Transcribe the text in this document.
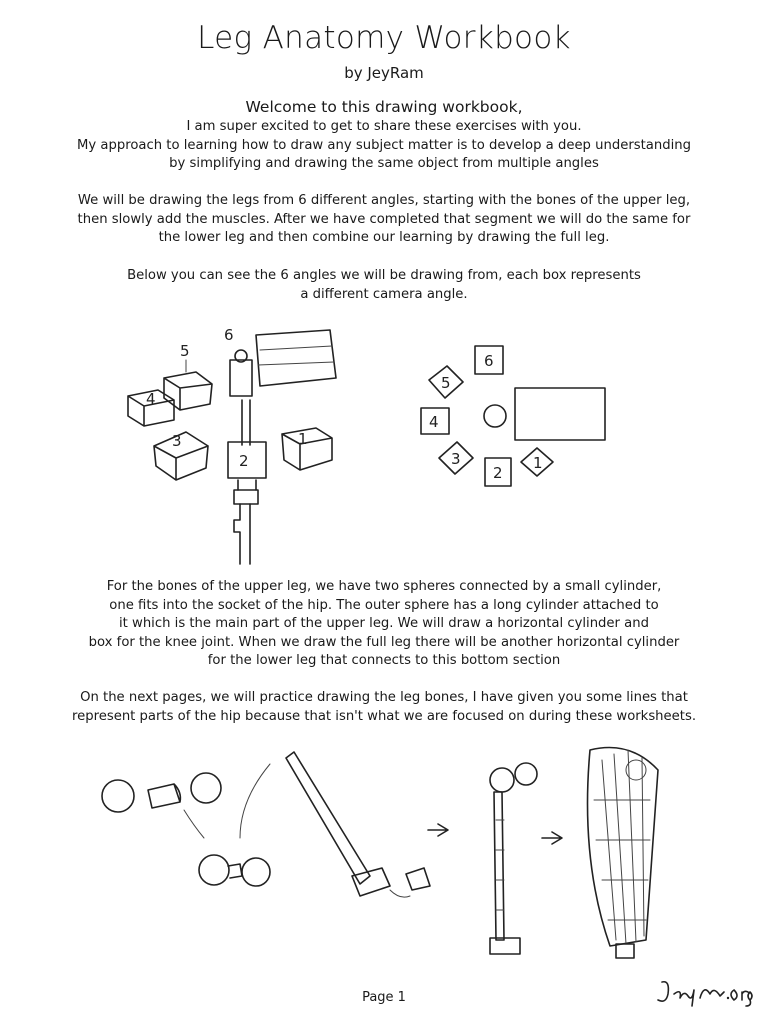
Leg Anatomy Workbook
by JeyRam
Welcome to this drawing workbook,
I am super excited to get to share these exercises with you.
My approach to learning how to draw any subject matter is to develop a deep understanding
by simplifying and drawing the same object from multiple angles
We will be drawing the legs from 6 different angles, starting with the bones of the upper leg,
then slowly add the muscles. After we have completed that segment we will do the same for
the lower leg and then combine our learning by drawing the full leg.
Below you can see the 6 angles we will be drawing from, each box represents
a different camera angle.
5
6
4
3
2
1
6
5
4
3
2
1
For the bones of the upper leg, we have two spheres connected by a small cylinder,
one fits into the socket of the hip. The outer sphere has a long cylinder attached to
it which is the main part of the upper leg. We will draw a horizontal cylinder and
box for the knee joint. When we draw the full leg there will be another horizontal cylinder
for the lower leg that connects to this bottom section
On the next pages, we will practice drawing the leg bones, I have given you some lines that
represent parts of the hip because that isn't what we are focused on during these worksheets.
Page 1
